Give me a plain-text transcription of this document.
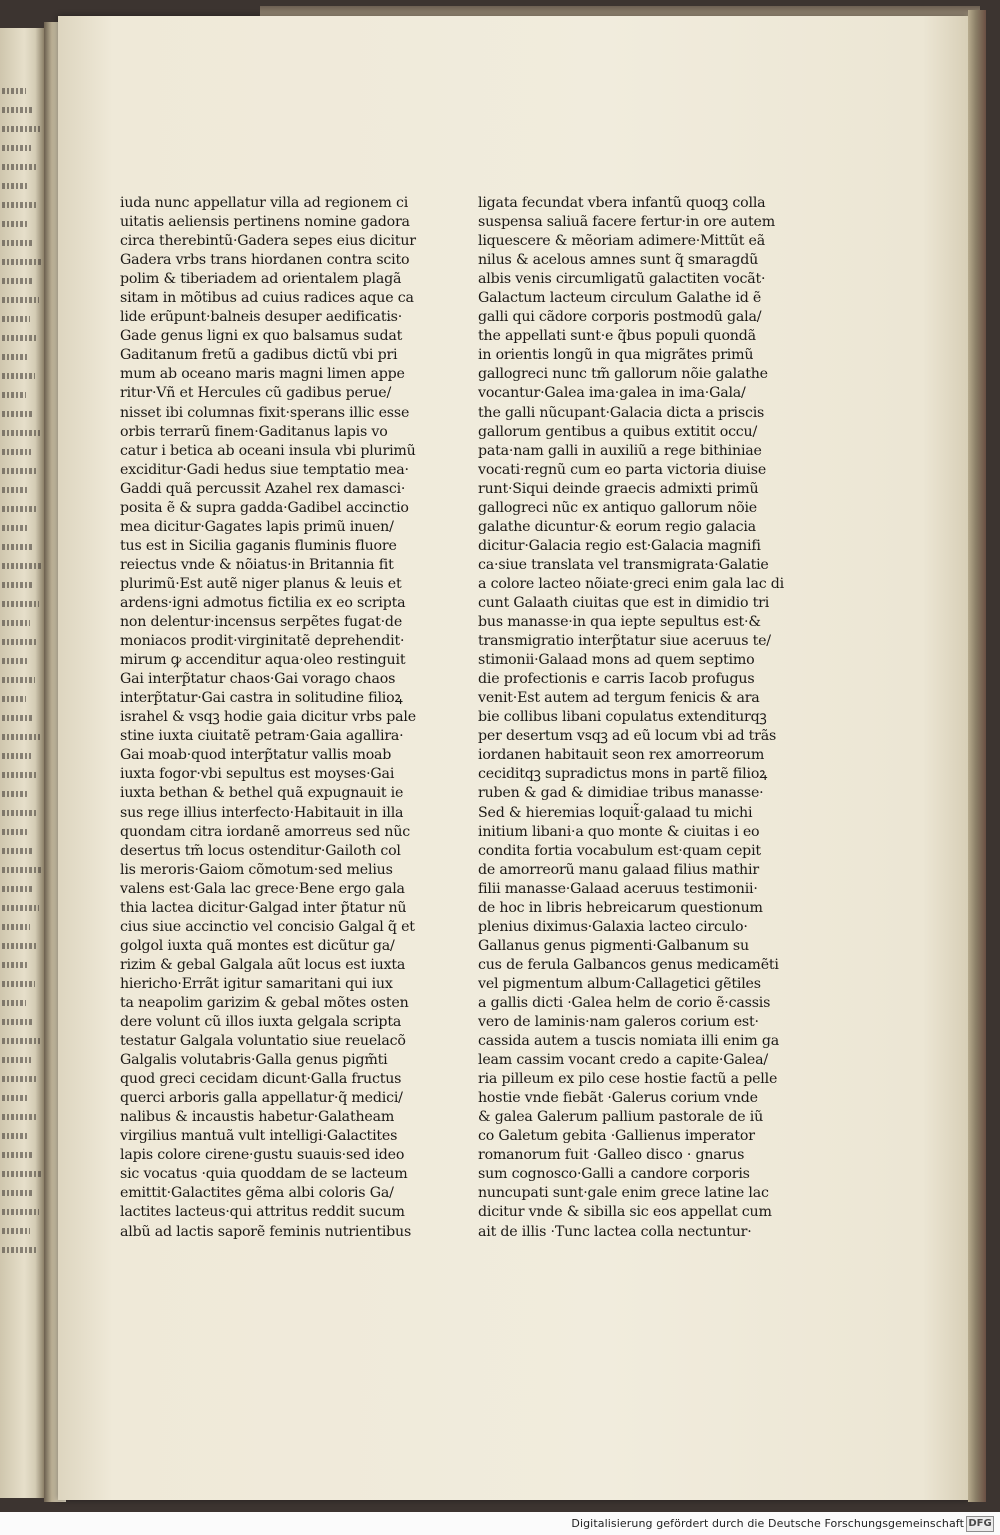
iuda nunc appellatur villa ad regionem ci
uitatis aeliensis pertinens nomine gadora
circa therebintũ·Gadera sepes eius dicitur
Gadera vrbs trans hiordanen contra scito
polim & tiberiadem ad orientalem plagã
sitam in mõtibus ad cuius radices aque ca
lide erũpunt·balneis desuper aedificatis·
Gade genus ligni ex quo balsamus sudat
Gaditanum fretũ a gadibus dictũ vbi pri
mum ab oceano maris magni limen appe
ritur·Vñ et Hercules cũ gadibus perue/
nisset ibi columnas fixit·sperans illic esse
orbis terrarũ finem·Gaditanus lapis vo
catur i betica ab oceani insula vbi plurimũ
exciditur·Gadi hedus siue temptatio mea·
Gaddi quã percussit Azahel rex damasci·
posita ẽ & supra gadda·Gadibel accinctio
mea dicitur·Gagates lapis primũ inuen/
tus est in Sicilia gaganis fluminis fluore
reiectus vnde & nõiatus·in Britannia fit
plurimũ·Est autẽ niger planus & leuis et
ardens·igni admotus fictilia ex eo scripta
non delentur·incensus serpẽtes fugat·de
moniacos prodit·virginitatẽ deprehendit·
mirum ꝙ accenditur aqua·oleo restinguit
Gai interp̃tatur chaos·Gai vorago chaos
interp̃tatur·Gai castra in solitudine filioꝝ
israhel & vsqꝫ hodie gaia dicitur vrbs pale
stine iuxta ciuitatẽ petram·Gaia agallira·
Gai moab·quod interp̃tatur vallis moab
iuxta fogor·vbi sepultus est moyses·Gai
iuxta bethan & bethel quã expugnauit ie
sus rege illius interfecto·Habitauit in illa
quondam citra iordanẽ amorreus sed nũc
desertus tm̃ locus ostenditur·Gailoth col
lis meroris·Gaiom cõmotum·sed melius
valens est·Gala lac grece·Bene ergo gala
thia lactea dicitur·Galgad inter p̃tatur nũ
cius siue accinctio vel concisio Galgal q̃ et
golgol iuxta quã montes est dicũtur ga/
rizim & gebal Galgala aũt locus est iuxta
hiericho·Errãt igitur samaritani qui iux
ta neapolim garizim & gebal mõtes osten
dere volunt cũ illos iuxta gelgala scripta
testatur Galgala voluntatio siue reuelacõ
Galgalis volutabris·Galla genus pigm̃ti
quod greci cecidam dicunt·Galla fructus
querci arboris galla appellatur·q̃ medici/
nalibus & incaustis habetur·Galatheam
virgilius mantuã vult intelligi·Galactites
lapis colore cirene·gustu suauis·sed ideo
sic vocatus ·quia quoddam de se lacteum
emittit·Galactites gẽma albi coloris Ga/
lactites lacteus·qui attritus reddit sucum
albũ ad lactis saporẽ feminis nutrientibus
ligata fecundat vbera infantũ quoqꝫ colla
suspensa saliuã facere fertur·in ore autem
liquescere & mẽoriam adimere·Mittũt eã
nilus & acelous amnes sunt q̃ smaragdũ
albis venis circumligatũ galactiten vocãt·
Galactum lacteum circulum Galathe id ẽ
galli qui cãdore corporis postmodũ gala/
the appellati sunt·e q̃bus populi quondã
in orientis longũ in qua migrãtes primũ
gallogreci nunc tm̃ gallorum nõie galathe
vocantur·Galea ima·galea in ima·Gala/
the galli nũcupant·Galacia dicta a priscis
gallorum gentibus a quibus extitit occu/
pata·nam galli in auxiliũ a rege bithiniae
vocati·regnũ cum eo parta victoria diuise
runt·Siqui deinde graecis admixti primũ
gallogreci nũc ex antiquo gallorum nõie
galathe dicuntur·& eorum regio galacia
dicitur·Galacia regio est·Galacia magnifi
ca·siue translata vel transmigrata·Galatie
a colore lacteo nõiate·greci enim gala lac di
cunt Galaath ciuitas que est in dimidio tri
bus manasse·in qua iepte sepultus est·&
transmigratio interp̃tatur siue aceruus te/
stimonii·Galaad mons ad quem septimo
die profectionis e carris Iacob profugus
venit·Est autem ad tergum fenicis & ara
bie collibus libani copulatus extenditurqꝫ
per desertum vsqꝫ ad eũ locum vbi ad trãs
iordanen habitauit seon rex amorreorum
ceciditqꝫ supradictus mons in partẽ filioꝝ
ruben & gad & dimidiae tribus manasse·
Sed & hieremias loquit̃·galaad tu michi
initium libani·a quo monte & ciuitas i eo
condita fortia vocabulum est·quam cepit
de amorreorũ manu galaad filius mathir
filii manasse·Galaad aceruus testimonii·
de hoc in libris hebreicarum questionum
plenius diximus·Galaxia lacteo circulo·
Gallanus genus pigmenti·Galbanum su
cus de ferula Galbancos genus medicamẽti
vel pigmentum album·Callagetici gẽtiles
a gallis dicti ·Galea helm de corio ẽ·cassis
vero de laminis·nam galeros corium est·
cassida autem a tuscis nomiata illi enim ga
leam cassim vocant credo a capite·Galea/
ria pilleum ex pilo cese hostie factũ a pelle
hostie vnde fiebãt ·Galerus corium vnde
& galea Galerum pallium pastorale de iũ
co Galetum gebita ·Gallienus imperator
romanorum fuit ·Galleo disco · gnarus
sum cognosco·Galli a candore corporis
nuncupati sunt·gale enim grece latine lac
dicitur vnde & sibilla sic eos appellat cum
ait de illis ·Tunc lactea colla nectuntur·
Digitalisierung gefördert durch die Deutsche Forschungsgemeinschaft DFG
